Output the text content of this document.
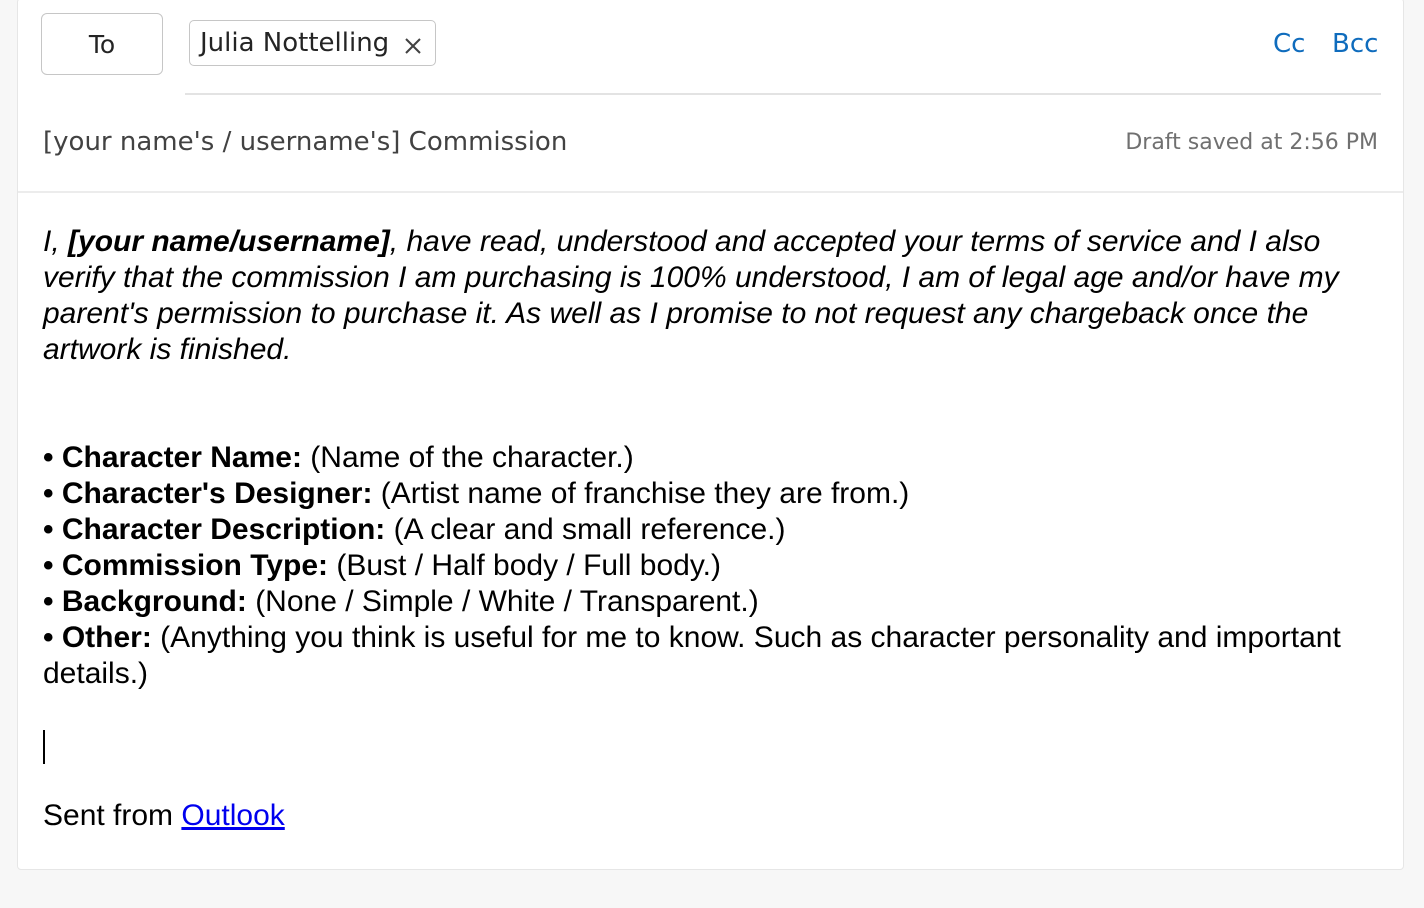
To	Julia Nottelling	Cc Bcc
[your name's / username's] Commission	Draft saved at 2:56 PM

I, [your name/username], have read, understood and accepted your terms of service and I also verify that the commission I am purchasing is 100% understood, I am of legal age and/or have my parent's permission to purchase it. As well as I promise to not request any chargeback once the artwork is finished.

• Character Name: (Name of the character.)

• Character's Designer: (Artist name of franchise they are from.)

• Character Description: (A clear and small reference.)

• Commission Type: (Bust / Half body / Full body.)

• Background: (None / Simple / White / Transparent.)

• Other: (Anything you think is useful for me to know. Such as character personality and important details.)

Sent from Outlook
